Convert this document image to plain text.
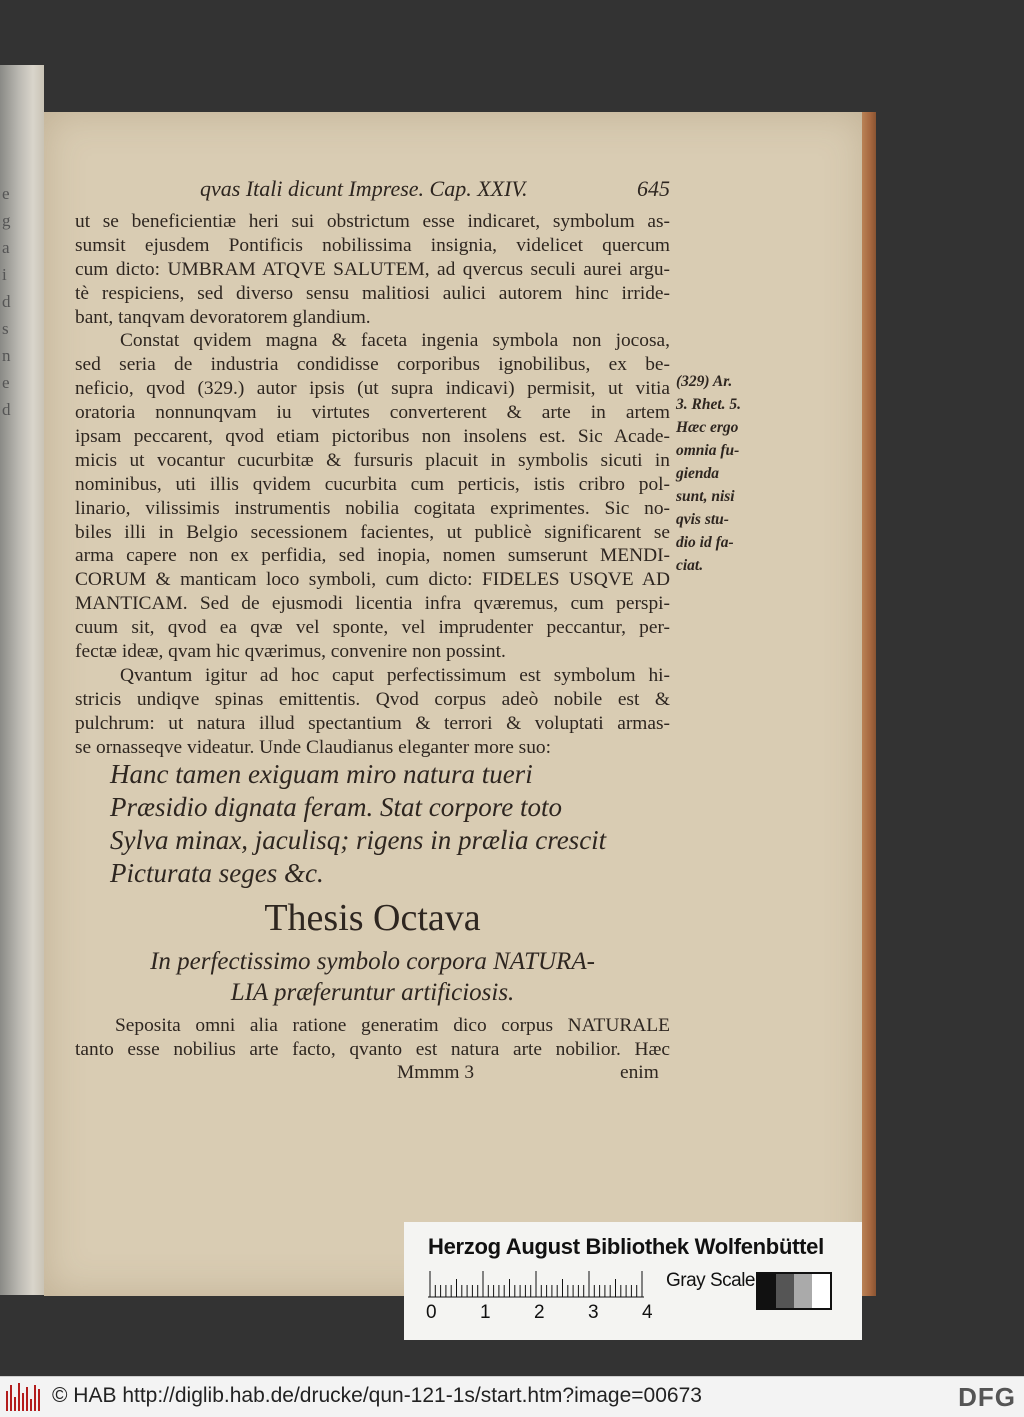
e
g
a
i
d
s
n
e
d
qvas Itali dicunt Imprese. Cap. XXIV.	645
ut se beneficientiæ heri sui obstrictum esse indicaret, symbolum as-
sumsit ejusdem Pontificis nobilissima insignia, videlicet quercum
cum dicto: UMBRAM ATQVE SALUTEM, ad qvercus seculi aurei argu-
tè respiciens, sed diverso sensu malitiosi aulici autorem hinc irride-
bant, tanqvam devoratorem glandium.
Constat qvidem magna & faceta ingenia symbola non jocosa,
sed seria de industria condidisse corporibus ignobilibus, ex be-
neficio, qvod (329.) autor ipsis (ut supra indicavi) permisit, ut vitia
oratoria nonnunqvam iu virtutes converterent & arte in artem
ipsam peccarent, qvod etiam pictoribus non insolens est. Sic Acade-
micis ut vocantur cucurbitæ & fursuris placuit in symbolis sicuti in
nominibus, uti illis qvidem cucurbita cum perticis, istis cribro pol-
linario, vilissimis instrumentis nobilia cogitata exprimentes. Sic no-
biles illi in Belgio secessionem facientes, ut publicè significarent se
arma capere non ex perfidia, sed inopia, nomen sumserunt MENDI-
CORUM & manticam loco symboli, cum dicto: FIDELES USQVE AD
MANTICAM. Sed de ejusmodi licentia infra qværemus, cum perspi-
cuum sit, qvod ea qvæ vel sponte, vel imprudenter peccantur, per-
fectæ ideæ, qvam hic qværimus, convenire non possint.
Qvantum igitur ad hoc caput perfectissimum est symbolum hi-
stricis undiqve spinas emittentis. Qvod corpus adeò nobile est &
pulchrum: ut natura illud spectantium & terrori & voluptati armas-
se ornasseqve videatur. Unde Claudianus eleganter more suo:
Hanc tamen exiguam miro natura tueri
Præsidio dignata feram. Stat corpore toto
Sylva minax, jaculisq; rigens in prælia crescit
Picturata seges &c.
Thesis Octava
In perfectissimo symbolo corpora NATURA-
LIA præferuntur artificiosis.
Seposita omni alia ratione generatim dico corpus NATURALE
tanto esse nobilius arte facto, qvanto est natura arte nobilior. Hæc
Mmmm 3	enim
(329) Ar.
3. Rhet. 5.
Hæc ergo
omnia fu-
gienda
sunt, nisi
qvis stu-
dio id fa-
ciat.
Herzog August Bibliothek Wolfenbüttel
0 1 2 3 4
Gray Scale
© HAB http://diglib.hab.de/drucke/qun-121-1s/start.htm?image=00673	DFG
